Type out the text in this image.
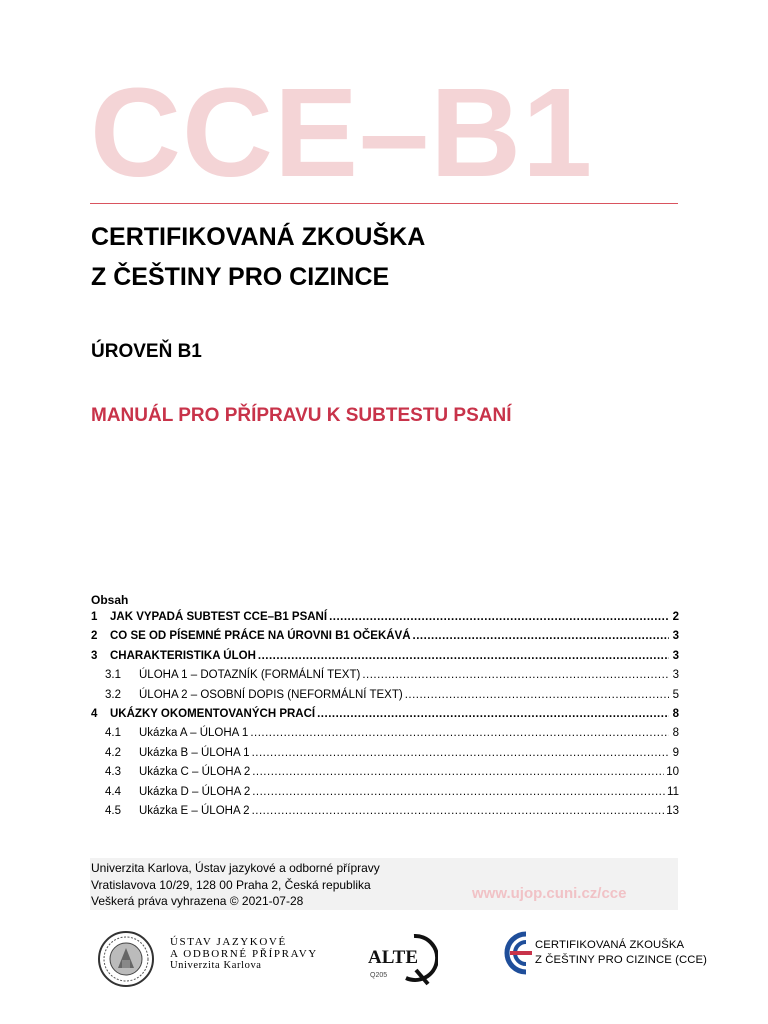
CCE–B1
CERTIFIKOVANÁ ZKOUŠKA
Z ČEŠTINY PRO CIZINCE
ÚROVEŇ B1
MANUÁL PRO PŘÍPRAVU K SUBTESTU PSANÍ
Obsah
1	JAK VYPADÁ SUBTEST CCE–B1 PSANÍ .....	2
2	CO SE OD PÍSEMNÉ PRÁCE NA ÚROVNI B1 OČEKÁVÁ .....	3
3	CHARAKTERISTIKA ÚLOH .....	3
3.1	ÚLOHA 1 – DOTAZNÍK (FORMÁLNÍ TEXT) .....	3
3.2	ÚLOHA 2 – OSOBNÍ DOPIS (NEFORMÁLNÍ TEXT) .....	5
4	UKÁZKY OKOMENTOVANÝCH PRACÍ .....	8
4.1	Ukázka A – ÚLOHA 1 .....	8
4.2	Ukázka B – ÚLOHA 1 .....	9
4.3	Ukázka C – ÚLOHA 2 .....	10
4.4	Ukázka D – ÚLOHA 2 .....	11
4.5	Ukázka E – ÚLOHA 2 .....	13
Univerzita Karlova, Ústav jazykové a odborné přípravy
Vratislavova 10/29, 128 00 Praha 2, Česká republika
Veškerá práva vyhrazena © 2021-07-28	www.ujop.cuni.cz/cce
ÚSTAV JAZYKOVÉ
A ODBORNÉ PŘÍPRAVY
Univerzita Karlova	ALTE
Q205
CERTIFIKOVANÁ ZKOUŠKA
Z ČEŠTINY PRO CIZINCE (CCE)
